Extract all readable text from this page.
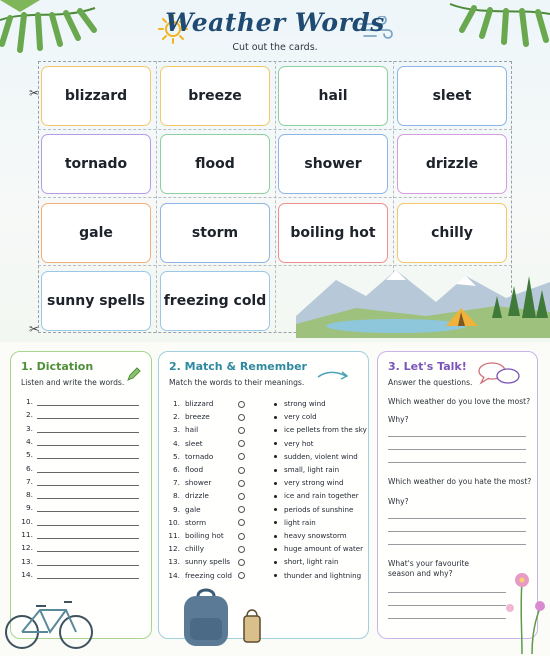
Weather Words
Cut out the cards.
✂
✂
blizzard	breeze	hail	sleet
tornado	flood	shower	drizzle
gale	storm	boiling hot	chilly
sunny spells	freezing cold
1. Dictation
Listen and write the words.
1.
2.
3.
4.
5.
6.
7.
8.
9.
10.
11.
12.
13.
14.
2. Match & Remember
Match the words to their meanings.
1. blizzard	strong wind
2. breeze	very cold
3. hail	ice pellets from the sky
4. sleet	very hot
5. tornado	sudden, violent wind
6. flood	small, light rain
7. shower	very strong wind
8. drizzle	ice and rain together
9. gale	periods of sunshine
10. storm	light rain
11. boiling hot	heavy snowstorm
12. chilly	huge amount of water
13. sunny spells	short, light rain
14. freezing cold	thunder and lightning
3. Let's Talk!
Answer the questions.
Which weather do you love the most?
Why?
Which weather do you hate the most?
Why?
What's your favourite
season and why?
